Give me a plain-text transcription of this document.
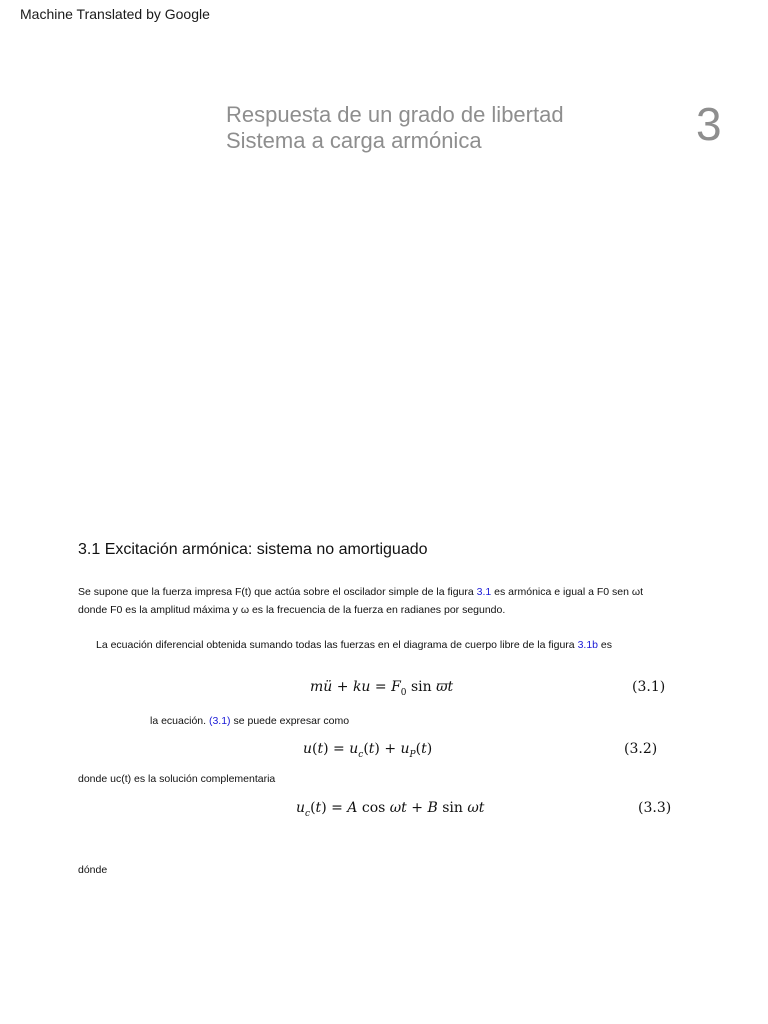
Machine Translated by Google
Respuesta de un grado de libertad
Sistema a carga armónica	3
3.1 Excitación armónica: sistema no amortiguado
Se supone que la fuerza impresa F(t) que actúa sobre el oscilador simple de la figura 3.1 es armónica e igual a F0 sen ωt
donde F0 es la amplitud máxima y ω es la frecuencia de la fuerza en radianes por segundo.
La ecuación diferencial obtenida sumando todas las fuerzas en el diagrama de cuerpo libre de la figura 3.1b es
mü + ku = $F_0$ sin ϖt	(3.1)
la ecuación. (3.1) se puede expresar como
$u(t) = u_c(t) + u_P(t)$	(3.2)
donde uc(t) es la solución complementaria
$u_c(t) = A$ cos ωt + B sin ωt	(3.3)
dónde
